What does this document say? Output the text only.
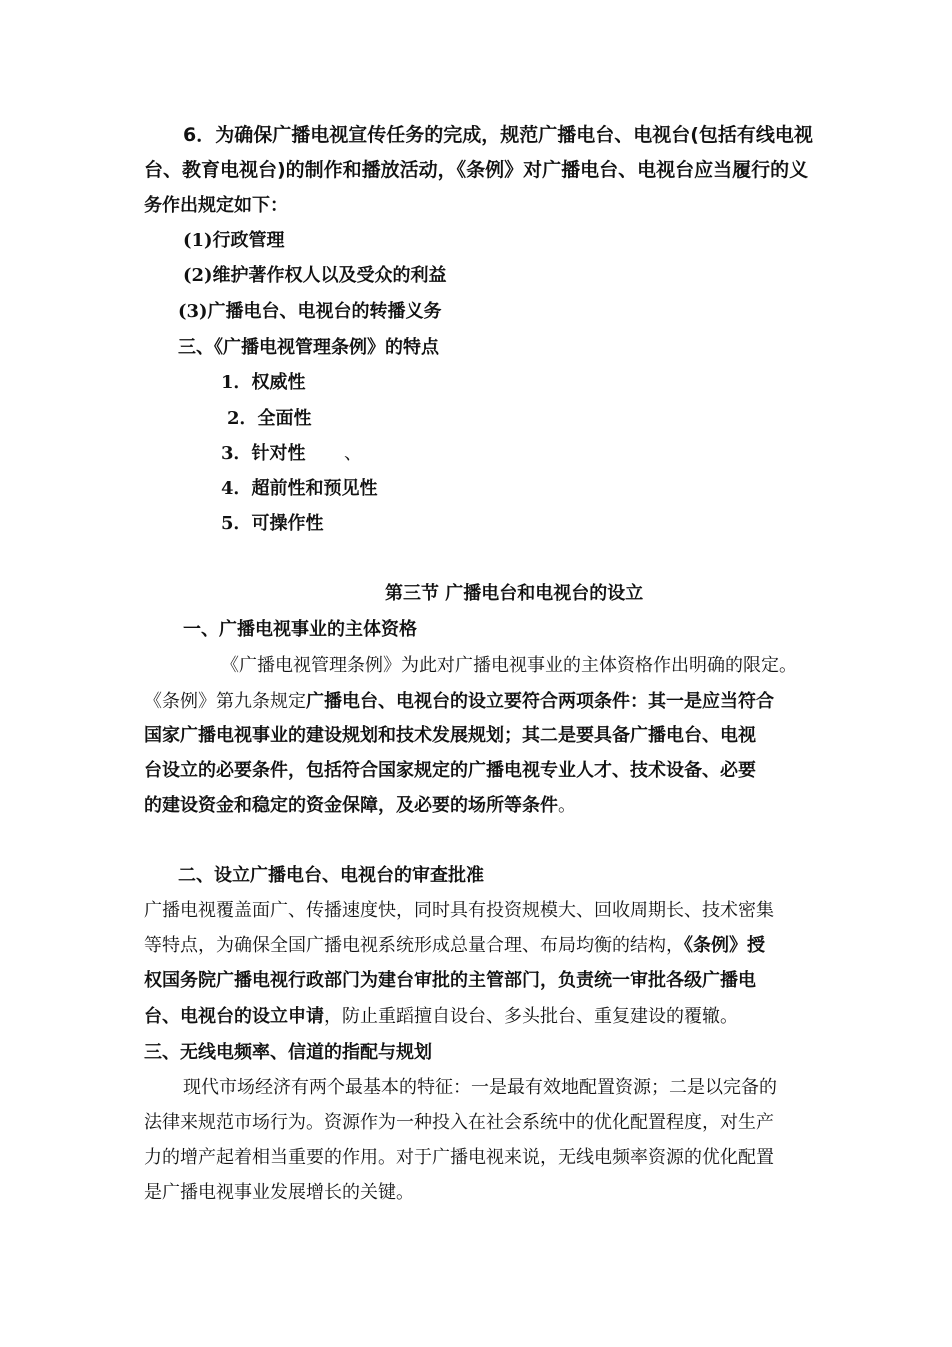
6．为确保广播电视宣传任务的完成，规范广播电台、电视台(包括有线电视
台、教育电视台)的制作和播放活动，《条例》对广播电台、电视台应当履行的义
务作出规定如下：
(1)行政管理
(2)维护著作权人以及受众的利益
(3)广播电台、电视台的转播义务
三、《广播电视管理条例》的特点
1．权威性
2．全面性
3．针对性 、
4．超前性和预见性
5．可操作性
第三节 广播电台和电视台的设立
一、广播电视事业的主体资格
《广播电视管理条例》为此对广播电视事业的主体资格作出明确的限定。
《条例》第九条规定广播电台、电视台的设立要符合两项条件：其一是应当符合
国家广播电视事业的建设规划和技术发展规划；其二是要具备广播电台、电视
台设立的必要条件，包括符合国家规定的广播电视专业人才、技术设备、必要
的建设资金和稳定的资金保障，及必要的场所等条件。
二、设立广播电台、电视台的审查批准
广播电视覆盖面广、传播速度快，同时具有投资规模大、回收周期长、技术密集
等特点，为确保全国广播电视系统形成总量合理、布局均衡的结构，《条例》授
权国务院广播电视行政部门为建台审批的主管部门，负责统一审批各级广播电
台、电视台的设立申请，防止重蹈擅自设台、多头批台、重复建设的覆辙。
三、无线电频率、信道的指配与规划
现代市场经济有两个最基本的特征：一是最有效地配置资源；二是以完备的
法律来规范市场行为。资源作为一种投入在社会系统中的优化配置程度，对生产
力的增产起着相当重要的作用。对于广播电视来说，无线电频率资源的优化配置
是广播电视事业发展增长的关键。
